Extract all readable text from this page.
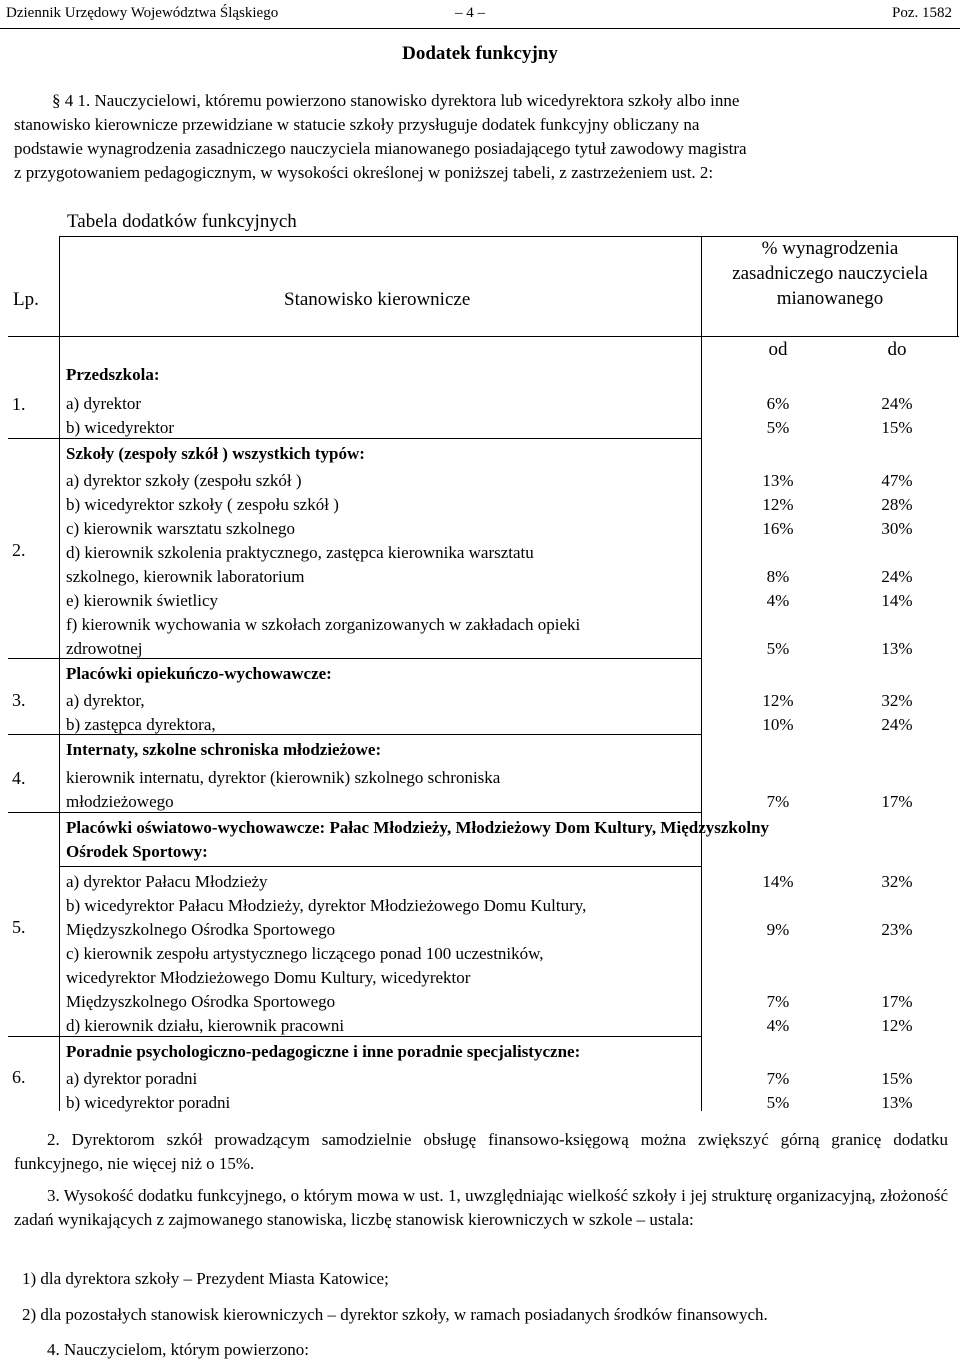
Dziennik Urzędowy Województwa Śląskiego	– 4 –	Poz. 1582
Dodatek funkcyjny
§ 4 1. Nauczycielowi, któremu powierzono stanowisko dyrektora lub wicedyrektora szkoły albo inne
stanowisko kierownicze przewidziane w statucie szkoły przysługuje dodatek funkcyjny obliczany na
podstawie wynagrodzenia zasadniczego nauczyciela mianowanego posiadającego tytuł zawodowy magistra
z przygotowaniem pedagogicznym, w wysokości określonej w poniższej tabeli, z zastrzeżeniem ust. 2:
Tabela dodatków funkcyjnych
Lp.	Stanowisko kierownicze
% wynagrodzenia
zasadniczego nauczyciela
mianowanego
od	do
1.
Przedszkola:
a) dyrektor	6%	24%
b) wicedyrektor	5%	15%
2.
Szkoły (zespoły szkół ) wszystkich typów:
a) dyrektor szkoły (zespołu szkół )	13%	47%
b) wicedyrektor szkoły ( zespołu szkół )	12%	28%
c) kierownik warsztatu szkolnego	16%	30%
d) kierownik szkolenia praktycznego, zastępca kierownika warsztatu
szkolnego, kierownik laboratorium	8%	24%
e) kierownik świetlicy	4%	14%
f) kierownik wychowania w szkołach zorganizowanych w zakładach opieki
zdrowotnej	5%	13%
3.
Placówki opiekuńczo-wychowawcze:
a) dyrektor,	12%	32%
b) zastępca dyrektora,	10%	24%
4.
Internaty, szkolne schroniska młodzieżowe:
kierownik internatu, dyrektor (kierownik) szkolnego schroniska
młodzieżowego	7%	17%
5.
Placówki oświatowo-wychowawcze: Pałac Młodzieży, Młodzieżowy Dom Kultury, Międzyszkolny
Ośrodek Sportowy:
a) dyrektor Pałacu Młodzieży	14%	32%
b) wicedyrektor Pałacu Młodzieży, dyrektor Młodzieżowego Domu Kultury,
Międzyszkolnego Ośrodka Sportowego	9%	23%
c) kierownik zespołu artystycznego liczącego ponad 100 uczestników,
wicedyrektor Młodzieżowego Domu Kultury, wicedyrektor
Międzyszkolnego Ośrodka Sportowego	7%	17%
d) kierownik działu, kierownik pracowni	4%	12%
6.
Poradnie psychologiczno-pedagogiczne i inne poradnie specjalistyczne:
a) dyrektor poradni	7%	15%
b) wicedyrektor poradni	5%	13%
2. Dyrektorom szkół prowadzącym samodzielnie obsługę finansowo-księgową można zwiększyć górną granicę dodatku funkcyjnego, nie więcej niż o 15%.
3. Wysokość dodatku funkcyjnego, o którym mowa w ust. 1, uwzględniając wielkość szkoły i jej strukturę organizacyjną, złożoność zadań wynikających z zajmowanego stanowiska, liczbę stanowisk kierowniczych w szkole – ustala:
1) dla dyrektora szkoły – Prezydent Miasta Katowice;
2) dla pozostałych stanowisk kierowniczych – dyrektor szkoły, w ramach posiadanych środków finansowych.
4. Nauczycielom, którym powierzono:
